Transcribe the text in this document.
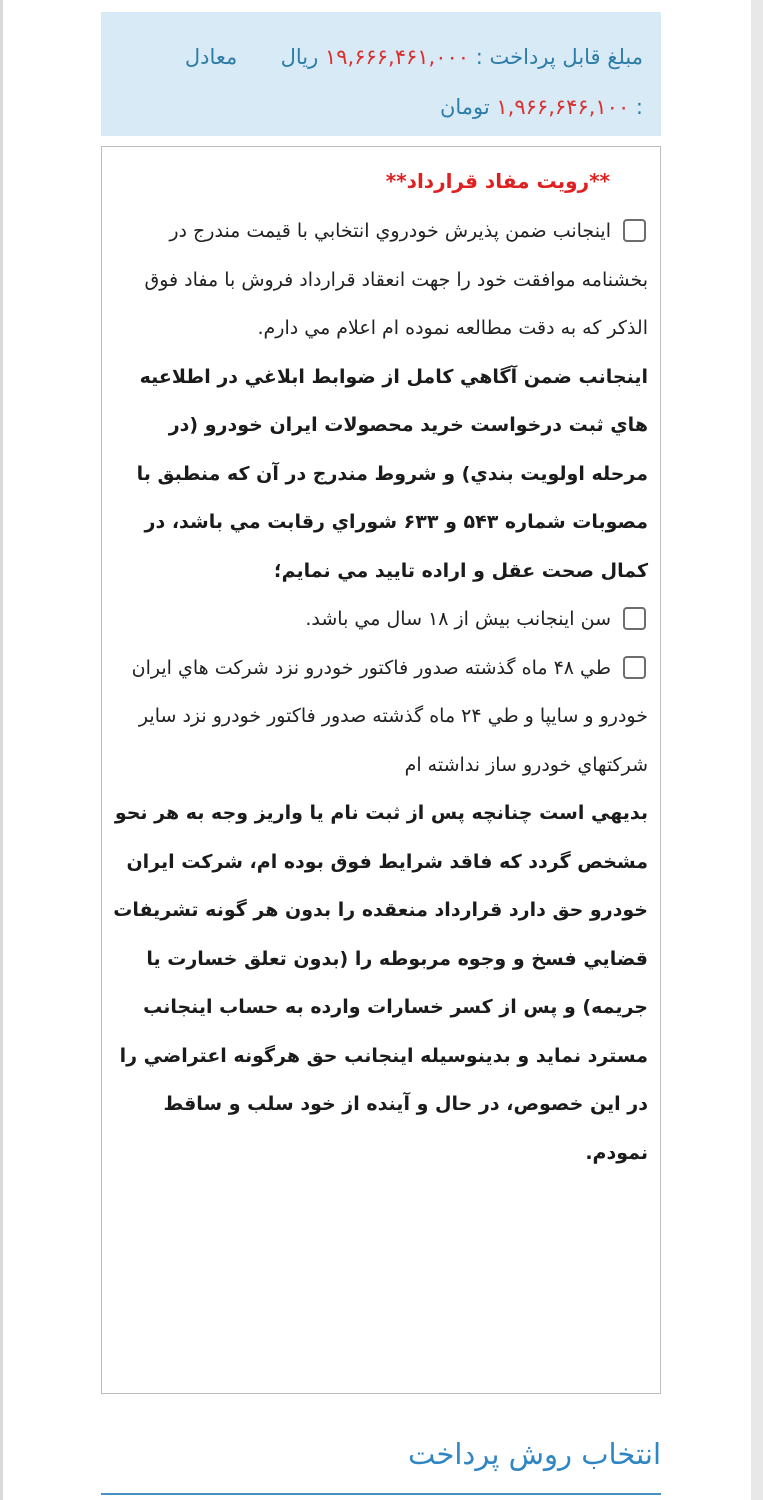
مبلغ قابل پرداخت : ۱۹,۶۶۶,۴۶۱,۰۰۰ ريال  معادل
: ۱,۹۶۶,۶۴۶,۱۰۰ تومان
**رويت مفاد قرارداد**

اينجانب ضمن پذيرش خودروي انتخابي با قيمت مندرج در بخشنامه موافقت خود را جهت انعقاد قرارداد فروش با مفاد فوق الذكر كه به دقت مطالعه نموده ام اعلام مي دارم.

اينجانب ضمن آگاهي كامل از ضوابط ابلاغي در اطلاعيه هاي ثبت درخواست خريد محصولات ايران خودرو (در مرحله اولويت بندي) و شروط مندرج در آن كه منطبق با مصوبات شماره ۵۴۳ و ۶۳۳ شوراي رقابت مي باشد، در كمال صحت عقل و اراده تاييد مي نمايم؛

سن اينجانب بيش از ۱۸ سال مي باشد.

طي ۴۸ ماه گذشته صدور فاكتور خودرو نزد شركت هاي ايران خودرو و سايپا و طي ۲۴ ماه گذشته صدور فاكتور خودرو نزد ساير شركتهاي خودرو ساز نداشته ام

بديهي است چنانچه پس از ثبت نام يا واريز وجه به هر نحو مشخص گردد كه فاقد شرايط فوق بوده ام، شركت ايران خودرو حق دارد قرارداد منعقده را بدون هر گونه تشريفات قضايي فسخ و وجوه مربوطه را (بدون تعلق خسارت يا جريمه) و پس از كسر خسارات وارده به حساب اينجانب مسترد نمايد و بدينوسيله اينجانب حق هرگونه اعتراضي را در اين خصوص، در حال و آينده از خود سلب و ساقط نمودم.

انتخاب روش پرداخت
